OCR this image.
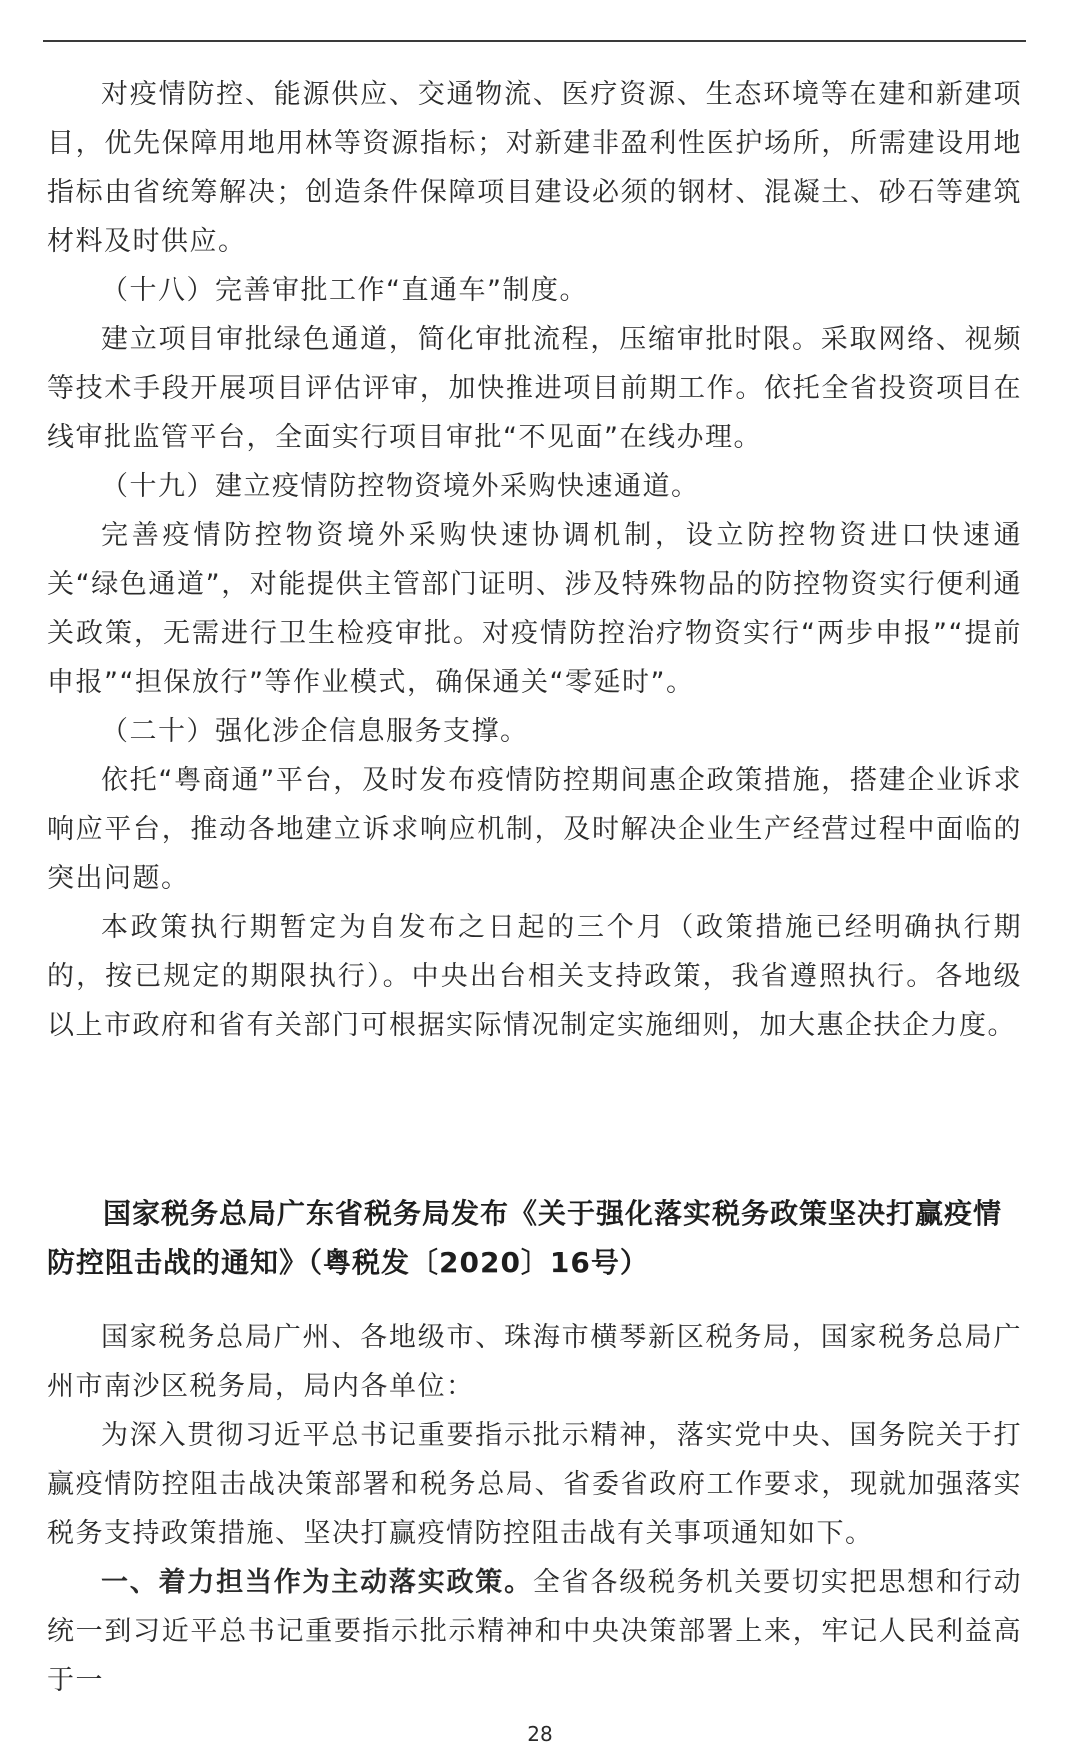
对疫情防控、能源供应、交通物流、医疗资源、生态环境等在建和新建项目，优先保障用地用林等资源指标；对新建非盈利性医护场所，所需建设用地指标由省统筹解决；创造条件保障项目建设必须的钢材、混凝土、砂石等建筑材料及时供应。

（十八）完善审批工作“直通车”制度。

建立项目审批绿色通道，简化审批流程，压缩审批时限。采取网络、视频等技术手段开展项目评估评审，加快推进项目前期工作。依托全省投资项目在线审批监管平台，全面实行项目审批“不见面”在线办理。

（十九）建立疫情防控物资境外采购快速通道。

完善疫情防控物资境外采购快速协调机制，设立防控物资进口快速通关“绿色通道”，对能提供主管部门证明、涉及特殊物品的防控物资实行便利通关政策，无需进行卫生检疫审批。对疫情防控治疗物资实行“两步申报”“提前申报”“担保放行”等作业模式，确保通关“零延时”。

（二十）强化涉企信息服务支撑。

依托“粤商通”平台，及时发布疫情防控期间惠企政策措施，搭建企业诉求响应平台，推动各地建立诉求响应机制，及时解决企业生产经营过程中面临的突出问题。

本政策执行期暂定为自发布之日起的三个月（政策措施已经明确执行期的，按已规定的期限执行）。中央出台相关支持政策，我省遵照执行。各地级以上市政府和省有关部门可根据实际情况制定实施细则，加大惠企扶企力度。

国家税务总局广东省税务局发布《关于强化落实税务政策坚决打赢疫情防控阻击战的通知》（粤税发〔2020〕16号）

国家税务总局广州、各地级市、珠海市横琴新区税务局，国家税务总局广州市南沙区税务局，局内各单位：

为深入贯彻习近平总书记重要指示批示精神，落实党中央、国务院关于打赢疫情防控阻击战决策部署和税务总局、省委省政府工作要求，现就加强落实税务支持政策措施、坚决打赢疫情防控阻击战有关事项通知如下。

一、着力担当作为主动落实政策。全省各级税务机关要切实把思想和行动统一到习近平总书记重要指示批示精神和中央决策部署上来，牢记人民利益高于一

28
